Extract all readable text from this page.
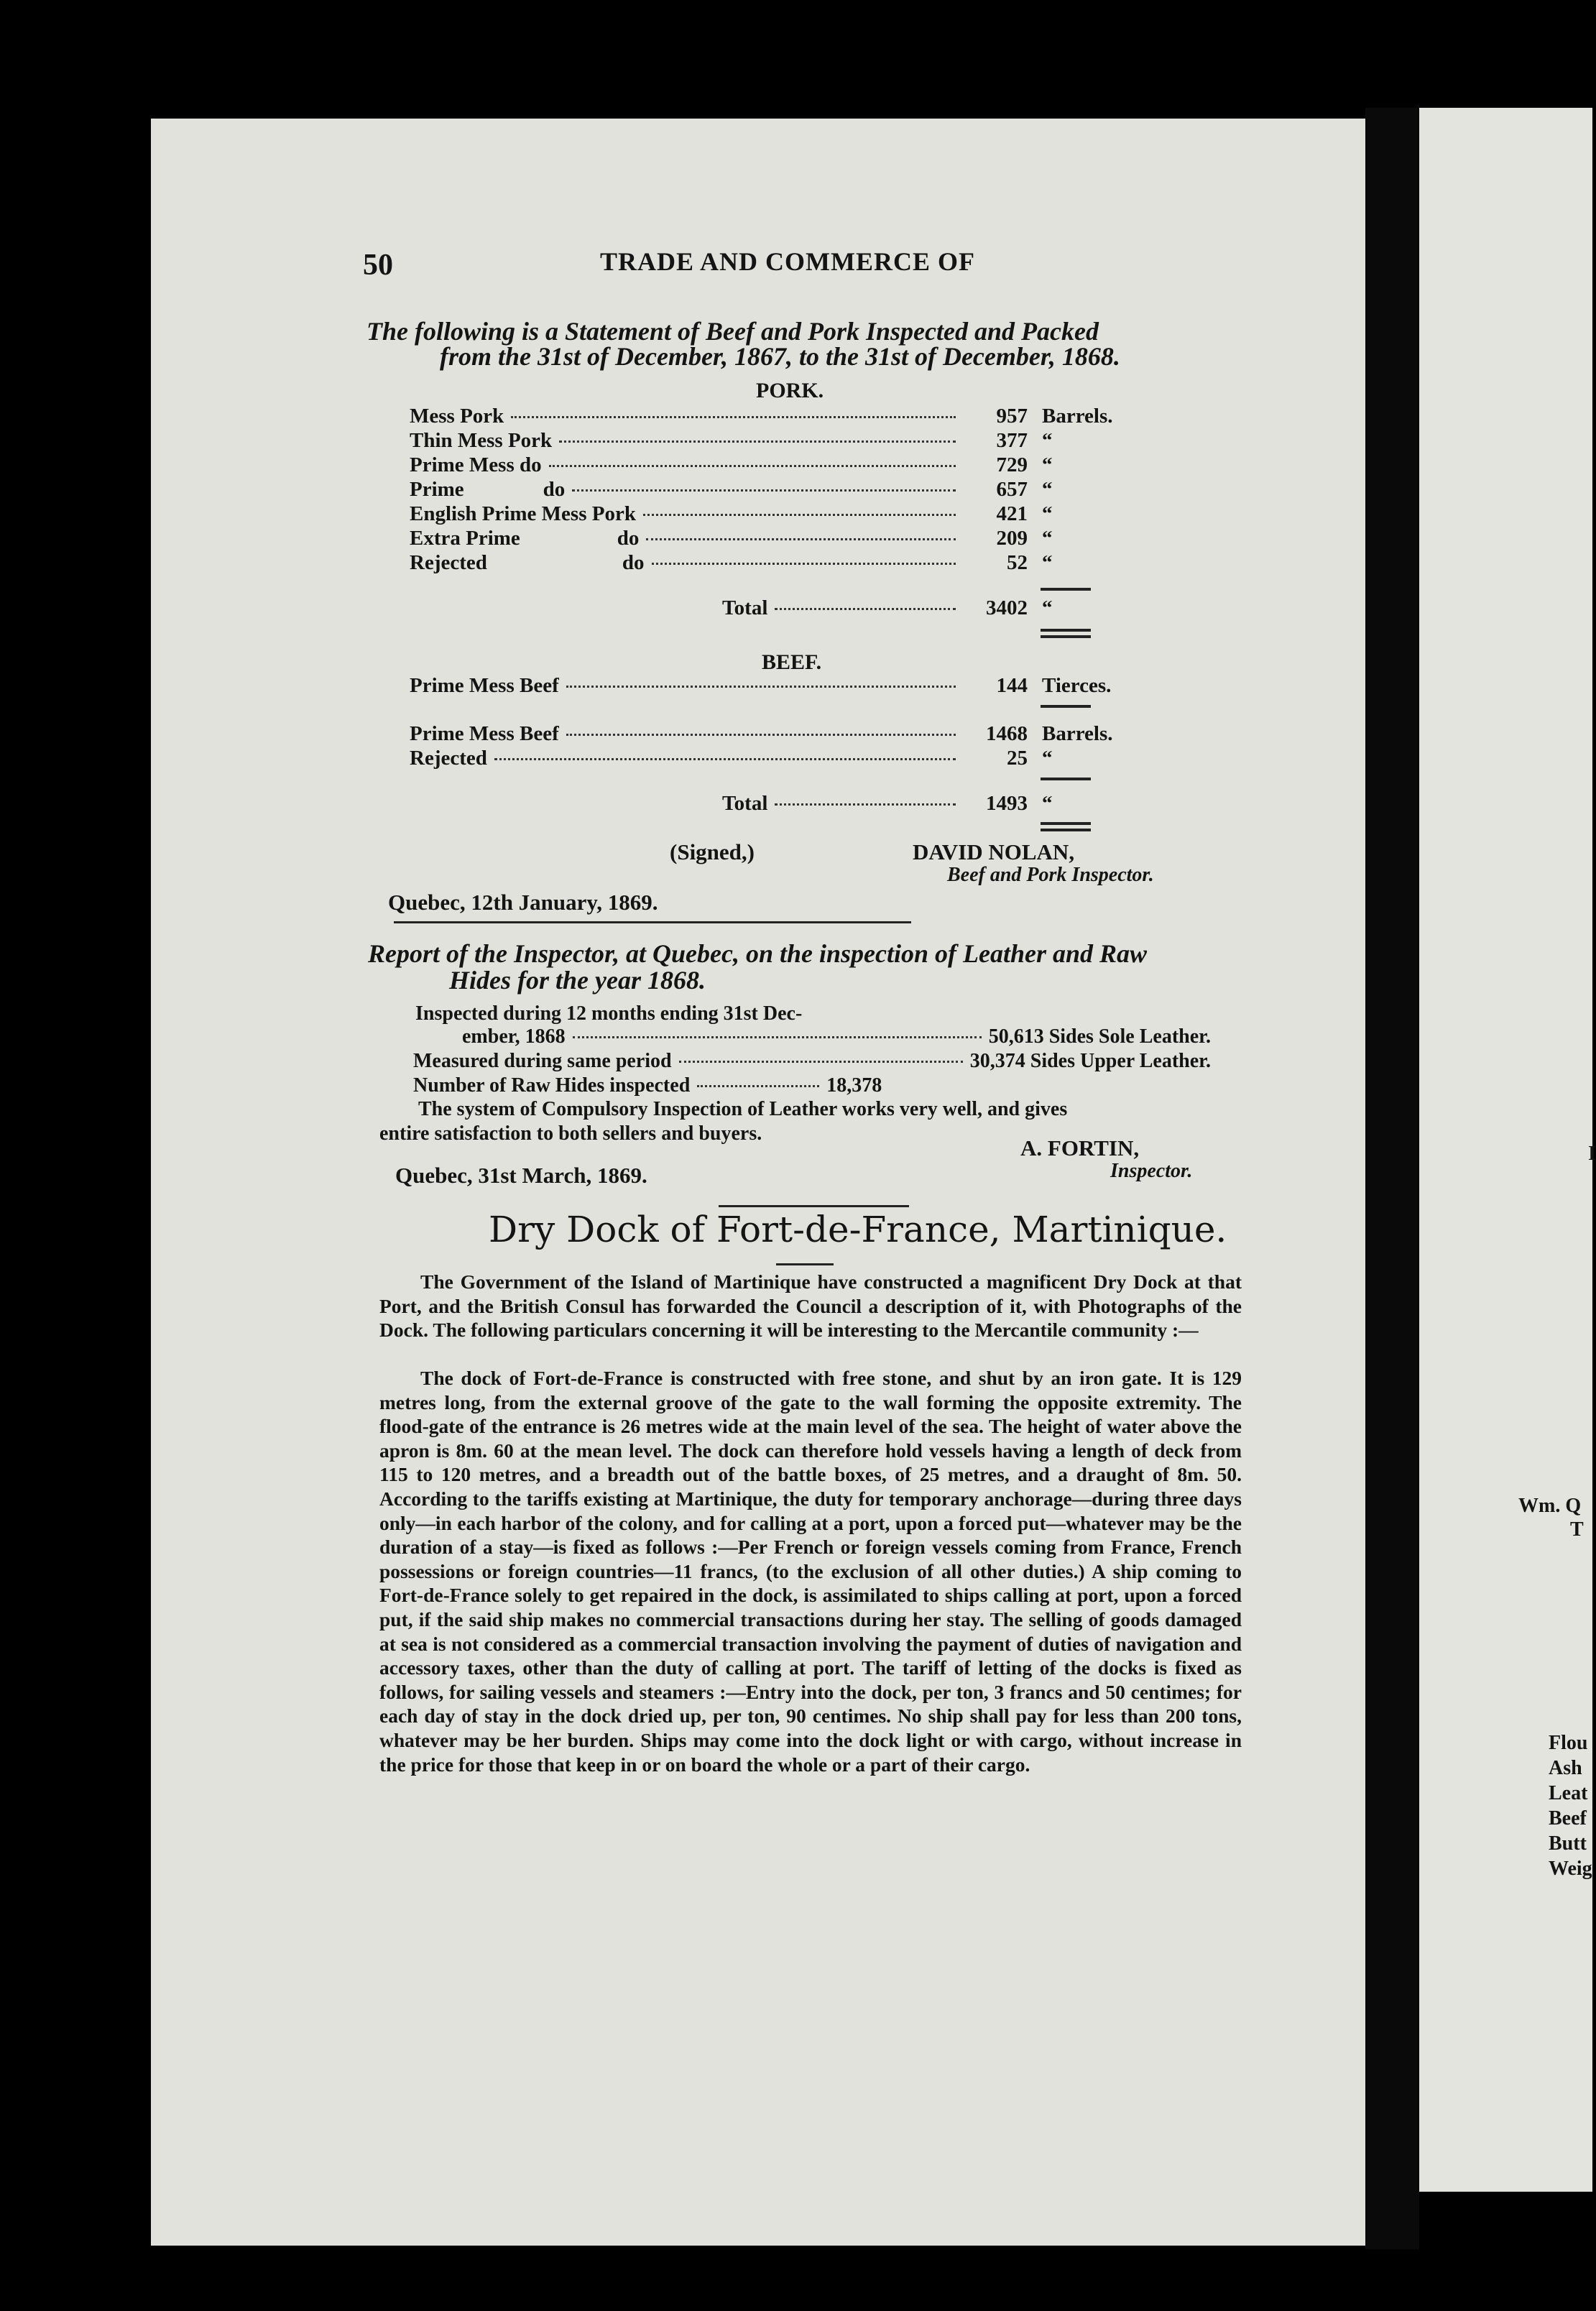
I
Wm. Q
T
Flou
Ash
Leat
Beef
Butt
Weig
50	TRADE AND COMMERCE OF
The following is a Statement of Beef and Pork Inspected and Packed
from the 31st of December, 1867, to the 31st of December, 1868.
PORK.
Mess Pork	957 Barrels.
Thin Mess Pork	377 “
Prime Mess do	729 “
Prime	do	657 “
English Prime Mess Pork	421 “
Extra Prime	do	209 “
Rejected	do	52 “
Total	3402 “
BEEF.
Prime Mess Beef	144 Tierces.
Prime Mess Beef	1468 Barrels.
Rejected	25 “
Total	1493 “
(Signed,)	DAVID NOLAN,
Beef and Pork Inspector.
Quebec, 12th January, 1869.
Report of the Inspector, at Quebec, on the inspection of Leather and Raw
Hides for the year 1868.
Inspected during 12 months ending 31st Dec-
ember, 1868	50,613 Sides Sole Leather.
Measured during same period	30,374 Sides Upper Leather.
Number of Raw Hides inspected	18,378
The system of Compulsory Inspection of Leather works very well, and gives
entire satisfaction to both sellers and buyers.
A. FORTIN,
Inspector.
Quebec, 31st March, 1869.
Dry Dock of Fort-de-France, Martinique.
The Government of the Island of Martinique have constructed a magnificent Dry Dock at that Port, and the British Consul has forwarded the Council a description of it, with Photographs of the Dock. The following particulars concerning it will be interesting to the Mercantile community :—
The dock of Fort-de-France is constructed with free stone, and shut by an iron gate. It is 129 metres long, from the external groove of the gate to the wall forming the opposite extremity. The flood-gate of the entrance is 26 metres wide at the main level of the sea. The height of water above the apron is 8m. 60 at the mean level. The dock can therefore hold vessels having a length of deck from 115 to 120 metres, and a breadth out of the battle boxes, of 25 metres, and a draught of 8m. 50. According to the tariffs existing at Martinique, the duty for temporary anchorage—during three days only—in each harbor of the colony, and for calling at a port, upon a forced put—whatever may be the duration of a stay—is fixed as follows :—Per French or foreign vessels coming from France, French possessions or foreign countries—11 francs, (to the exclusion of all other duties.) A ship coming to Fort-de-France solely to get repaired in the dock, is assimilated to ships calling at port, upon a forced put, if the said ship makes no commercial transactions during her stay. The selling of goods damaged at sea is not considered as a commercial transaction involving the payment of duties of navigation and accessory taxes, other than the duty of calling at port. The tariff of letting of the docks is fixed as follows, for sailing vessels and steamers :—Entry into the dock, per ton, 3 francs and 50 centimes; for each day of stay in the dock dried up, per ton, 90 centimes. No ship shall pay for less than 200 tons, whatever may be her burden. Ships may come into the dock light or with cargo, without increase in the price for those that keep in or on board the whole or a part of their cargo.
